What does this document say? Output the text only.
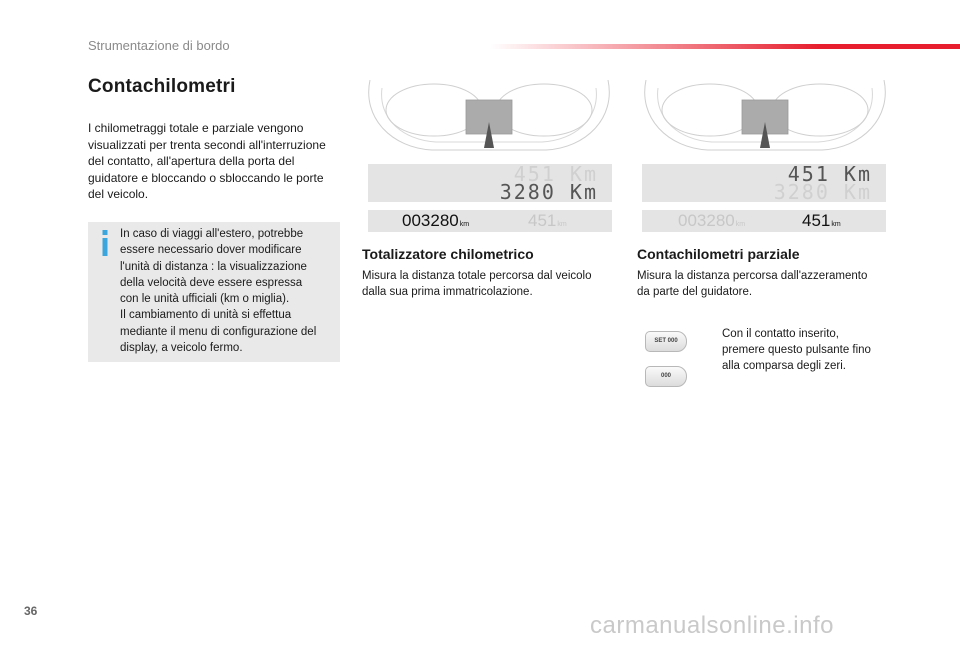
Strumentazione di bordo
Contachilometri
I chilometraggi totale e parziale vengono visualizzati per trenta secondi all'interruzione del contatto, all'apertura della porta del guidatore e bloccando o sbloccando le porte del veicolo.
In caso di viaggi all'estero, potrebbe
essere necessario dover modificare
l'unità di distanza : la visualizzazione
della velocità deve essere espressa
con le unità ufficiali (km o miglia).
Il cambiamento di unità si effettua
mediante il menu di configurazione del
display, a veicolo fermo.
451 Km
3280 Km
451 Km
3280 Km
003280km	451km	003280km	451km
Totalizzatore chilometrico
Misura la distanza totale percorsa dal veicolo
dalla sua prima immatricolazione.
Contachilometri parziale
Misura la distanza percorsa dall'azzeramento
da parte del guidatore.
SET 000
000
Con il contatto inserito,
premere questo pulsante fino
alla comparsa degli zeri.
36
carmanualsonline.info
